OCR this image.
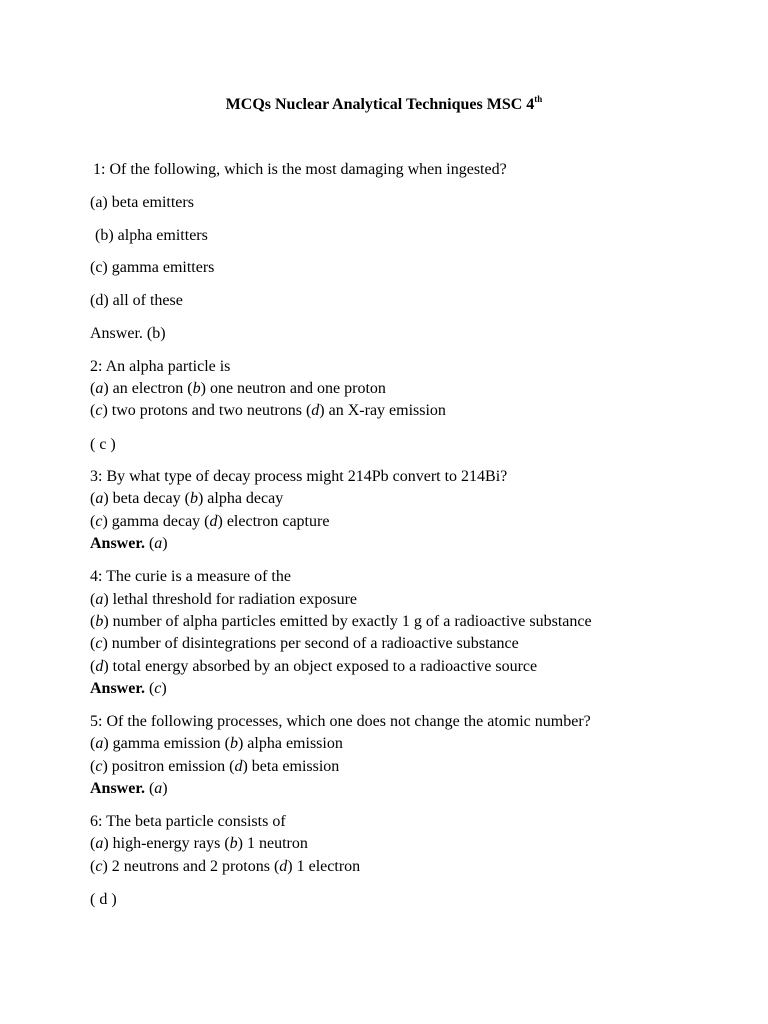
MCQs Nuclear Analytical Techniques MSC 4th
1: Of the following, which is the most damaging when ingested?
(a) beta emitters
(b) alpha emitters
(c) gamma emitters
(d) all of these
Answer. (b)
2: An alpha particle is
(a) an electron (b) one neutron and one proton
(c) two protons and two neutrons (d) an X-ray emission
( c )
3: By what type of decay process might 214Pb convert to 214Bi?
(a) beta decay (b) alpha decay
(c) gamma decay (d) electron capture
Answer. (a)
4: The curie is a measure of the
(a) lethal threshold for radiation exposure
(b) number of alpha particles emitted by exactly 1 g of a radioactive substance
(c) number of disintegrations per second of a radioactive substance
(d) total energy absorbed by an object exposed to a radioactive source
Answer. (c)
5: Of the following processes, which one does not change the atomic number?
(a) gamma emission (b) alpha emission
(c) positron emission (d) beta emission
Answer. (a)
6: The beta particle consists of
(a) high-energy rays (b) 1 neutron
(c) 2 neutrons and 2 protons (d) 1 electron
( d )
